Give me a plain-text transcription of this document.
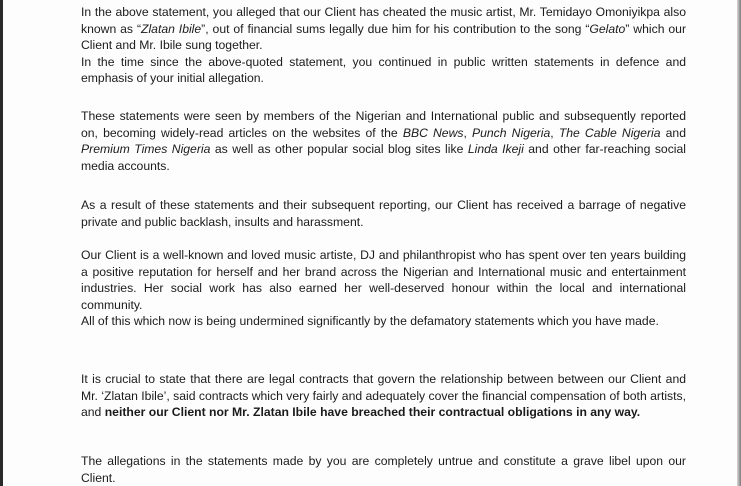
In the above statement, you alleged that our Client has cheated the music artist, Mr. Temidayo Omoniyikpa also known as “Zlatan Ibile”, out of financial sums legally due him for his contribution to the song “Gelato” which our Client and Mr. Ibile sung together.
In the time since the above-quoted statement, you continued in public written statements in defence and emphasis of your initial allegation.

These statements were seen by members of the Nigerian and International public and subsequently reported on, becoming widely-read articles on the websites of the BBC News, Punch Nigeria, The Cable Nigeria and Premium Times Nigeria as well as other popular social blog sites like Linda Ikeji and other far-reaching social media accounts.

As a result of these statements and their subsequent reporting, our Client has received a barrage of negative private and public backlash, insults and harassment.

Our Client is a well-known and loved music artiste, DJ and philanthropist who has spent over ten years building a positive reputation for herself and her brand across the Nigerian and International music and entertainment industries. Her social work has also earned her well-deserved honour within the local and international community.
All of this which now is being undermined significantly by the defamatory statements which you have made.

It is crucial to state that there are legal contracts that govern the relationship between between our Client and Mr. ‘Zlatan Ibile’, said contracts which very fairly and adequately cover the financial compensation of both artists, and neither our Client nor Mr. Zlatan Ibile have breached their contractual obligations in any way.

The allegations in the statements made by you are completely untrue and constitute a grave libel upon our Client.
